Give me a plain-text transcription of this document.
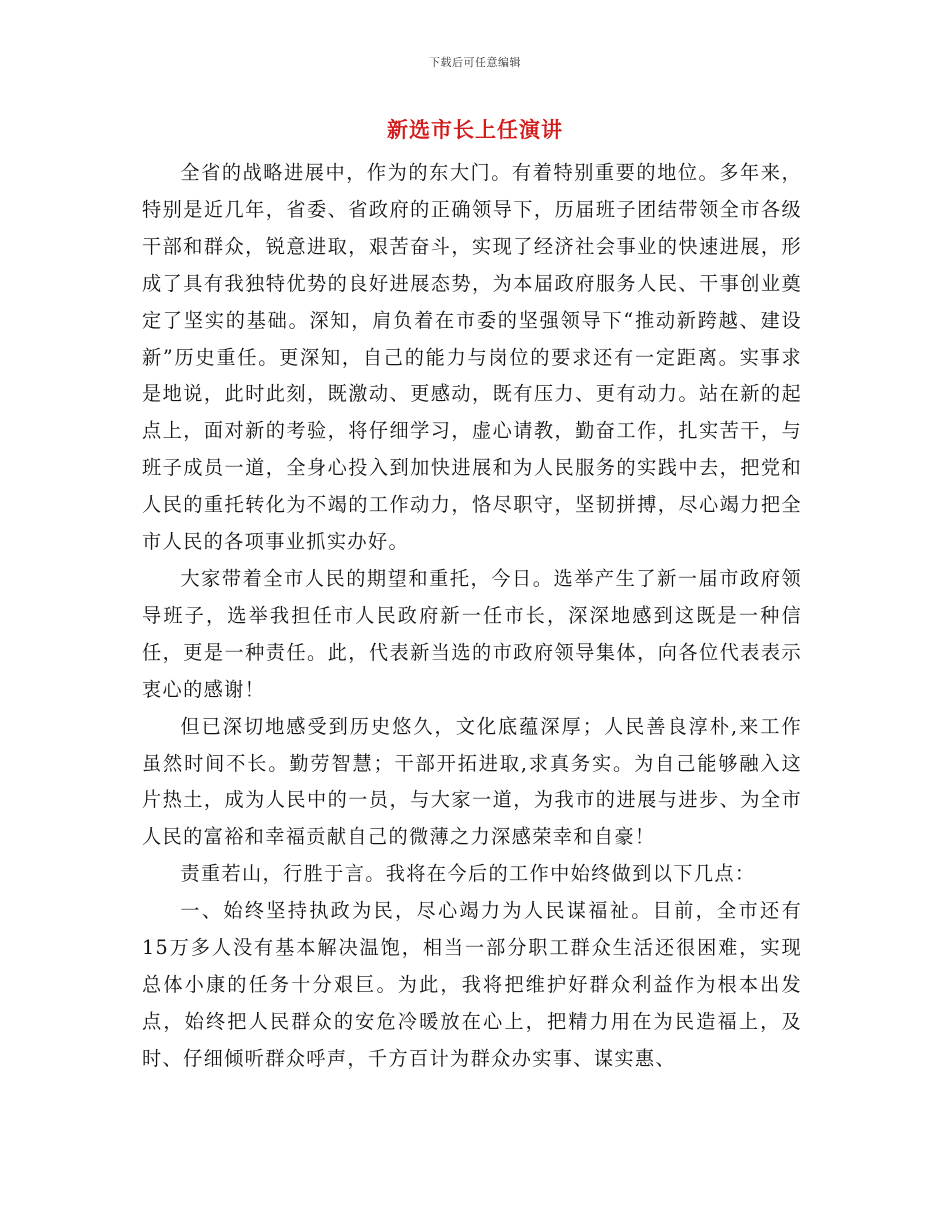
下载后可任意编辑
新选市长上任演讲

全省的战略进展中，作为的东大门。有着特别重要的地位。多年来，特别是近几年，省委、省政府的正确领导下，历届班子团结带领全市各级干部和群众，锐意进取，艰苦奋斗，实现了经济社会事业的快速进展，形成了具有我独特优势的良好进展态势，为本届政府服务人民、干事创业奠定了坚实的基础。深知，肩负着在市委的坚强领导下“推动新跨越、建设新”历史重任。更深知，自己的能力与岗位的要求还有一定距离。实事求是地说，此时此刻，既激动、更感动，既有压力、更有动力。站在新的起点上，面对新的考验，将仔细学习，虚心请教，勤奋工作，扎实苦干，与班子成员一道，全身心投入到加快进展和为人民服务的实践中去，把党和人民的重托转化为不竭的工作动力，恪尽职守，坚韧拼搏，尽心竭力把全市人民的各项事业抓实办好。

大家带着全市人民的期望和重托，今日。选举产生了新一届市政府领导班子，选举我担任市人民政府新一任市长，深深地感到这既是一种信任，更是一种责任。此，代表新当选的市政府领导集体，向各位代表表示衷心的感谢！

但已深切地感受到历史悠久，文化底蕴深厚；人民善良淳朴,来工作虽然时间不长。勤劳智慧；干部开拓进取,求真务实。为自己能够融入这片热土，成为人民中的一员，与大家一道，为我市的进展与进步、为全市人民的富裕和幸福贡献自己的微薄之力深感荣幸和自豪！

责重若山，行胜于言。我将在今后的工作中始终做到以下几点：

一、始终坚持执政为民，尽心竭力为人民谋福祉。目前，全市还有15万多人没有基本解决温饱，相当一部分职工群众生活还很困难，实现总体小康的任务十分艰巨。为此，我将把维护好群众利益作为根本出发点，始终把人民群众的安危冷暖放在心上，把精力用在为民造福上，及时、仔细倾听群众呼声，千方百计为群众办实事、谋实惠、
